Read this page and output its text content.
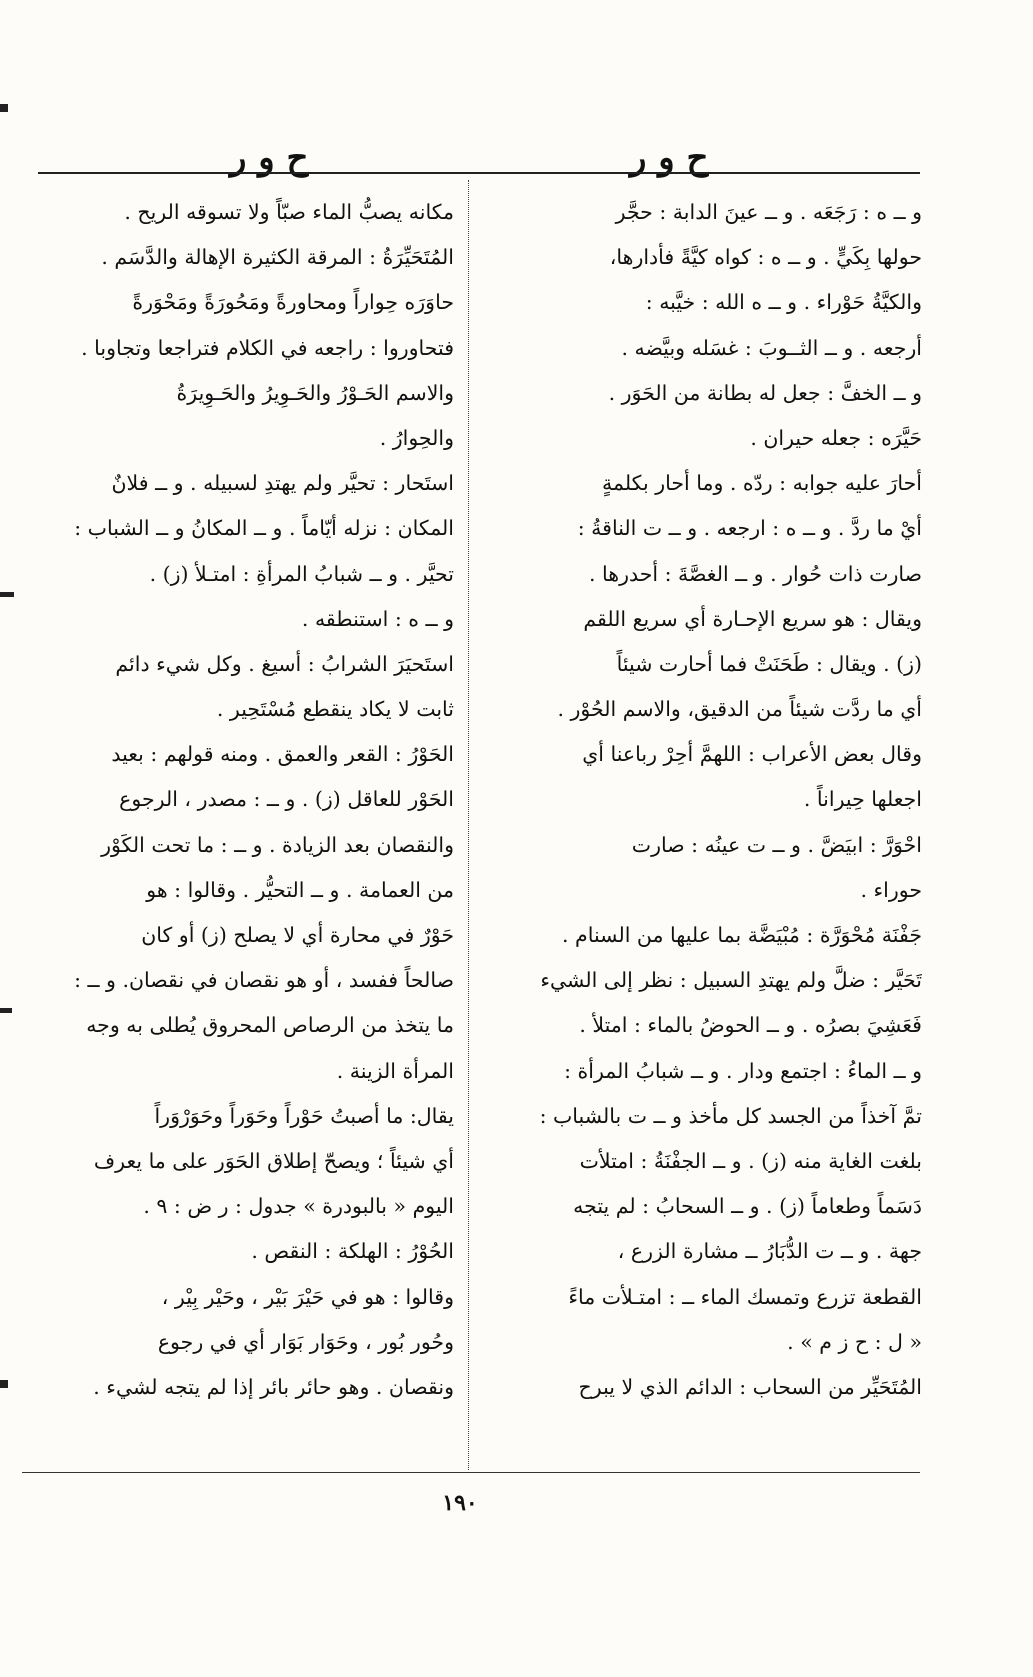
ح و ر
ح و ر
و ــ ه : رَجَعَه . و ــ عينَ الدابة : حجَّر
حولها بِكَيٍّ . و ــ ه : كواه كيَّةً فأدارها،
والكيَّةُ حَوْراء . و ــ ه الله : خيَّبه :
أرجعه . و ــ الثــوبَ : غسَله وبيَّضه .
و ــ الخفَّ : جعل له بطانة من الحَوَر .
حَيَّرَه : جعله حيران .
أحارَ عليه جوابه : ردّه . وما أحار بكلمةٍ
أيْ ما ردَّ . و ــ ه : ارجعه . و ــ ت الناقةُ :
صارت ذات حُوار . و ــ الغصَّةَ : أحدرها .
ويقال : هو سريع الإحـارة أي سريع اللقم
(ز) . ويقال : طَحَنَتْ فما أحارت شيئاً
أي ما ردَّت شيئاً من الدقيق، والاسم الحُوْر .
وقال بعض الأعراب : اللهمَّ أحِرْ رباعنا أي
اجعلها حِيراناً .
احْوَرَّ : ابيَضَّ . و ــ ت عينُه : صارت
حوراء .
جَفْنَة مُحْوَرَّة : مُبْيَضَّة بما عليها من السنام .
تَحَيَّر : ضلَّ ولم يهتدِ السبيل : نظر إلى الشيء
فَعَشِيَ بصرُه . و ــ الحوضُ بالماء : امتلأ .
و ــ الماءُ : اجتمع ودار . و ــ شبابُ المرأة :
تمَّ آخذاً من الجسد كل مأخذ و ــ ت بالشباب :
بلغت الغاية منه (ز) . و ــ الجفْنَةُ : امتلأت
دَسَماً وطعاماً (ز) . و ــ السحابُ : لم يتجه
جهة . و ــ ت الدُّبَارُ ــ مشارة الزرع ،
القطعة تزرع وتمسك الماء ــ : امتـلأت ماءً
« ل : ح ز م » .
المُتَحَيِّر من السحاب : الدائم الذي لا يبرح
مكانه يصبُّ الماء صبّاً ولا تسوقه الريح .
المُتَحَيِّرَةُ : المرقة الكثيرة الإهالة والدَّسَم .
حاوَرَه حِواراً ومحاورةً ومَحُورَةً ومَحْوَرةً
فتحاوروا : راجعه في الكلام فتراجعا وتجاوبا .
والاسم الحَـوْرُ والحَـوِيرُ والحَـوِيرَةُ
والحِوارُ .
استَحار : تحيَّر ولم يهتدِ لسبيله . و ــ فلانٌ
المكان : نزله أيّاماً . و ــ المكانُ و ــ الشباب :
تحيَّر . و ــ شبابُ المرأةِ : امتـلأ (ز) .
و ــ ه : استنطقه .
استَحيَرَ الشرابُ : أسيغ . وكل شيء دائم
ثابت لا يكاد ينقطع مُسْتَحِير .
الحَوْرُ : القعر والعمق . ومنه قولهم : بعيد
الحَوْر للعاقل (ز) . و ــ : مصدر ، الرجوع
والنقصان بعد الزيادة . و ــ : ما تحت الكَوْر
من العمامة . و ــ التحيُّر . وقالوا : هو
حَوْرٌ في محارة أي لا يصلح (ز) أو كان
صالحاً ففسد ، أو هو نقصان في نقصان. و ــ :
ما يتخذ من الرصاص المحروق يُطلى به وجه
المرأة الزينة .
يقال: ما أصبتُ حَوْراً وحَوَراً وحَوَرْوَراً
أي شيئاً ؛ ويصحّ إطلاق الحَوَر على ما يعرف
اليوم « بالبودرة » جدول : ر ض : ٩ .
الحُوْرُ : الهلكة : النقص .
وقالوا : هو في حَيْرَ بَيْر ، وحَيْر بِيْر ،
وحُور بُور ، وحَوَار بَوَار أي في رجوع
ونقصان . وهو حائر بائر إذا لم يتجه لشيء .
١٩٠
